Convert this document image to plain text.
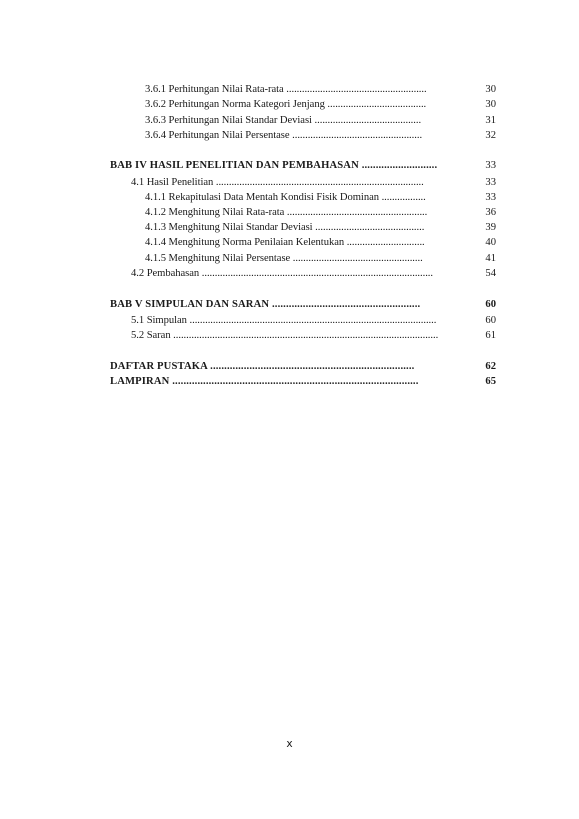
3.6.1 Perhitungan Nilai Rata-rata ......................................................	30
3.6.2 Perhitungan Norma Kategori Jenjang ......................................	30
3.6.3 Perhitungan Nilai Standar Deviasi .........................................	31
3.6.4 Perhitungan Nilai Persentase ..................................................	32
BAB IV HASIL PENELITIAN DAN PEMBAHASAN ...........................	33
4.1 Hasil Penelitian ................................................................................	33
4.1.1 Rekapitulasi Data Mentah Kondisi Fisik Dominan .................	33
4.1.2 Menghitung Nilai Rata-rata ......................................................	36
4.1.3 Menghitung Nilai Standar Deviasi ..........................................	39
4.1.4 Menghitung Norma Penilaian Kelentukan ..............................	40
4.1.5 Menghitung Nilai Persentase ..................................................	41
4.2 Pembahasan .........................................................................................	54
BAB V SIMPULAN DAN SARAN .....................................................	60
5.1 Simpulan ...............................................................................................	60
5.2 Saran ......................................................................................................	61
DAFTAR PUSTAKA .........................................................................	62
LAMPIRAN ........................................................................................	65
x
